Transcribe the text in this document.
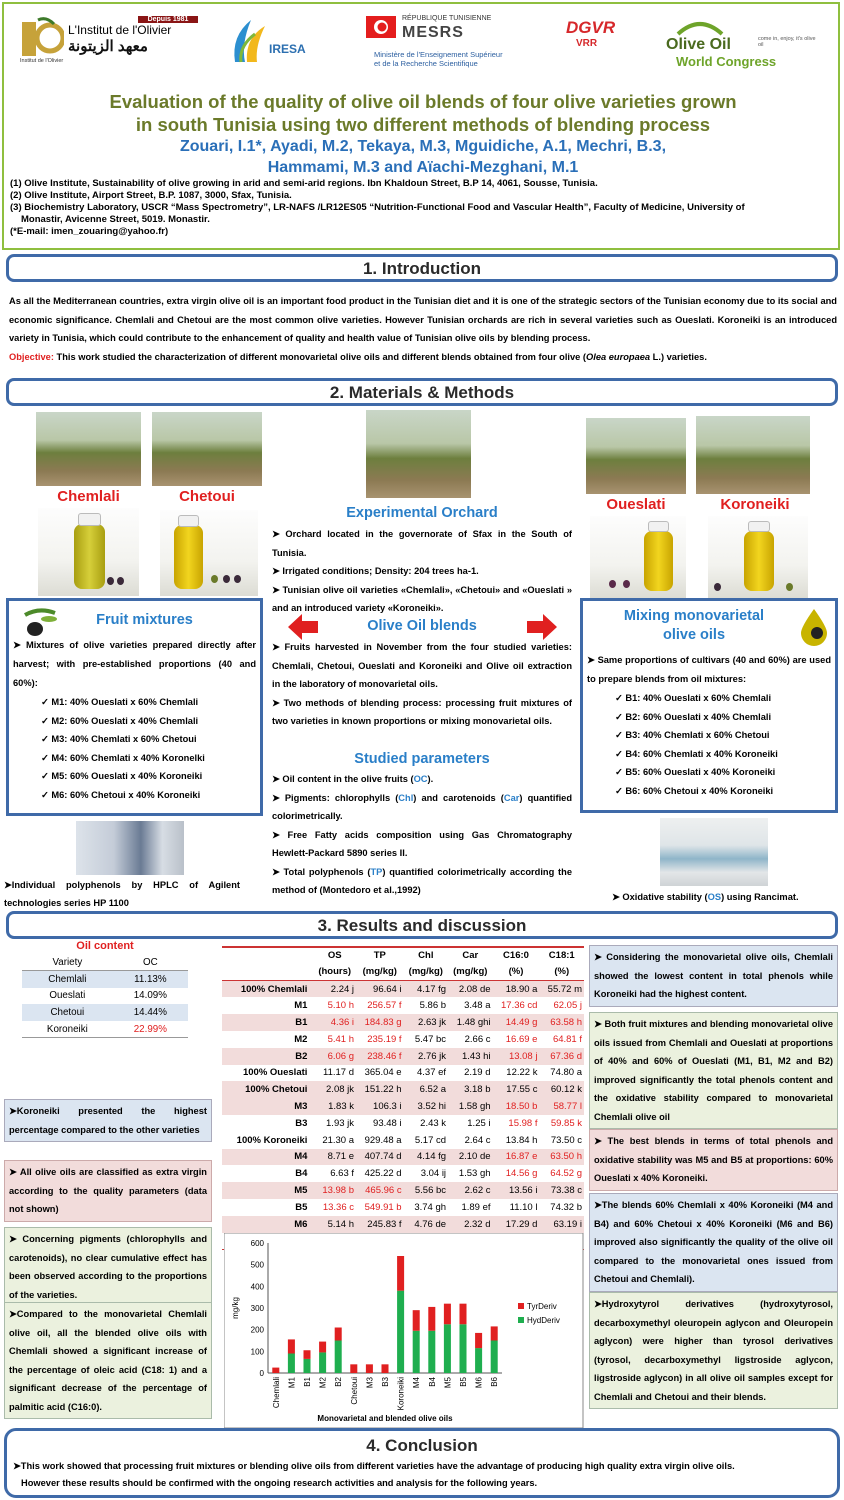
Depuis 1981
L'Institut de l'Olivier
معهد الزيتونة
Institut de l'Olivier
IRESA
RÉPUBLIQUE TUNISIENNE
MESRS
Ministère de l'Enseignement Supérieur
et de la Recherche Scientifique
DGVR
VRR	Olive Oil	come in, enjoy, it's olive oil
World Congress
Evaluation of the quality of olive oil blends of four olive varieties grown
in south Tunisia using two different methods of blending process
Zouari, I.1*, Ayadi, M.2, Tekaya, M.3, Mguidiche, A.1, Mechri, B.3,
Hammami, M.3 and Aïachi-Mezghani, M.1
(1) Olive Institute, Sustainability of olive growing in arid and semi-arid regions. Ibn Khaldoun Street, B.P 14, 4061, Sousse, Tunisia.
(2) Olive Institute, Airport Street, B.P. 1087, 3000, Sfax, Tunisia.
(3) Biochemistry Laboratory, USCR “Mass Spectrometry”, LR-NAFS /LR12ES05 “Nutrition-Functional Food and Vascular Health”, Faculty of Medicine, University of
Monastir, Avicenne Street, 5019. Monastir.
(*E-mail: imen_zouaring@yahoo.fr)
1. Introduction
As all the Mediterranean countries, extra virgin olive oil is an important food product in the Tunisian diet and it is one of the strategic sectors of the Tunisian economy due to its social and economic significance. Chemlali and Chetoui are the most common olive varieties. However Tunisian orchards are rich in several varieties such as Oueslati. Koroneiki is an introduced variety in Tunisia, which could contribute to the enhancement of quality and health value of Tunisian olive oils by blending process.
Objective: This work studied the characterization of different monovarietal olive oils and different blends obtained from four olive (Olea europaea L.) varieties.
2. Materials & Methods
Chemlali	Chetoui	Oueslati	Koroneiki
Experimental Orchard
➤ Orchard located in the governorate of Sfax in the South of Tunisia.
➤ Irrigated conditions; Density: 204 trees ha-1.
➤ Tunisian olive oil varieties «Chemlali», «Chetoui» and «Oueslati » and an introduced variety «Koroneiki».
Olive Oil blends
➤ Fruits harvested in November from the four studied varieties: Chemlali, Chetoui, Oueslati and Koroneiki and Olive oil extraction in the laboratory of monovarietal oils.
➤ Two methods of blending process: processing fruit mixtures of two varieties in known proportions or mixing monovarietal oils.
Studied parameters
➤ Oil content in the olive fruits (OC).
➤ Pigments: chlorophylls (Chl) and carotenoids (Car) quantified colorimetrically.
➤ Free Fatty acids composition using Gas Chromatography Hewlett-Packard 5890 series II.
➤ Total polyphenols (TP) quantified colorimetrically according the method of (Montedoro et al.,1992)
Fruit mixtures
➤ Mixtures of olive varieties prepared directly after harvest; with pre-established proportions (40 and 60%):
✓ M1: 40% Oueslati x 60% Chemlali
✓ M2: 60% Oueslati x 40% Chemlali
✓ M3: 40% Chemlati x 60% Chetoui
✓ M4: 60% Chemlati x 40% Koronelki
✓ M5: 60% Oueslati x 40% Koroneiki
✓ M6: 60% Chetoui x 40% Koroneiki
Mixing monovarietal
olive oils
➤ Same proportions of cultivars (40 and 60%) are used to prepare blends from oil mixtures:
✓ B1: 40% Oueslati x 60% Chemlali
✓ B2: 60% Oueslati x 40% Chemlali
✓ B3: 40% Chemlati x 60% Chetoui
✓ B4: 60% Chemlati x 40% Koroneiki
✓ B5: 60% Oueslati x 40% Koroneiki
✓ B6: 60% Chetoui x 40% Koroneiki
➤Individual polyphenols by HPLC of Agilent technologies series HP 1100
➤ Oxidative stability (OS) using Rancimat.
3. Results and discussion
Oil content
Variety	OC
Chemlali	11.13%
Oueslati	14.09%
Chetoui	14.44%
Koroneiki	22.99%
➤Koroneiki presented the highest percentage compared to the other varieties
➤ All olive oils are classified as extra virgin according to the quality parameters (data not shown)
➤ Concerning pigments (chlorophylls and carotenoids), no clear cumulative effect has been observed according to the proportions of the varieties.
➤Compared to the monovarietal Chemlali olive oil, all the blended olive oils with Chemlali showed a significant increase of the percentage of oleic acid (C18: 1) and a significant decrease of the percentage of palmitic acid (C16:0).
	OS	TP	Chl	Car	C16:0	C18:1
	(hours)	(mg/kg)	(mg/kg)	(mg/kg)	(%)	(%)
100% Chemlali	2.24 j	96.64 i	4.17 fg	2.08 de	18.90 a	55.72 m
M1	5.10 h	256.57 f	5.86 b	3.48 a	17.36 cd	62.05 j
B1	4.36 i	184.83 g	2.63 jk	1.48 ghi	14.49 g	63.58 h
M2	5.41 h	235.19 f	5.47 bc	2.66 c	16.69 e	64.81 f
B2	6.06 g	238.46 f	2.76 jk	1.43 hi	13.08 j	67.36 d
100% Oueslati	11.17 d	365.04 e	4.37 ef	2.19 d	12.22 k	74.80 a
100% Chetoui	2.08 jk	151.22 h	6.52 a	3.18 b	17.55 c	60.12 k
M3	1.83 k	106.3 i	3.52 hi	1.58 gh	18.50 b	58.77 l
B3	1.93 jk	93.48 i	2.43 k	1.25 i	15.98 f	59.85 k
100% Koroneiki	21.30 a	929.48 a	5.17 cd	2.64 c	13.84 h	73.50 c
M4	8.71 e	407.74 d	4.14 fg	2.10 de	16.87 e	63.50 h
B4	6.63 f	425.22 d	3.04 ij	1.53 gh	14.56 g	64.52 g
M5	13.98 b	465.96 c	5.56 bc	2.62 c	13.56 i	73.38 c
B5	13.36 c	549.91 b	3.74 gh	1.89 ef	11.10 l	74.32 b
M6	5.14 h	245.83 f	4.76 de	2.32 d	17.29 d	63.19 i

0
100
200
300
400
500
600
mg/kg
Chemlali M1 B1 M2 B2 Chetoui M3 B3 Koroneiki M4 B4 M5 B5 M6 B6
Monovarietal and blended olive oils
TyrDeriv
HydDeriv
➤ Considering the monovarietal olive oils, Chemlali showed the lowest content in total phenols while Koroneiki had the highest content.
➤ Both fruit mixtures and blending monovarietal olive oils issued from Chemlali and Oueslati at proportions of 40% and 60% of Oueslati (M1, B1, M2 and B2) improved significantly the total phenols content and the oxidative stability compared to monovarietal Chemlali olive oil
➤ The best blends in terms of total phenols and oxidative stability was M5 and B5 at proportions: 60% Oueslati x 40% Koroneiki.
➤The blends 60% Chemlali x 40% Koroneiki (M4 and B4) and 60% Chetoui x 40% Koroneiki (M6 and B6) improved also significantly the quality of the olive oil compared to the monovarietal ones issued from Chetoui and Chemlali).
➤Hydroxytyrol derivatives (hydroxytyrosol, decarboxymethyl oleuropein aglycon and Oleuropein aglycon) were higher than tyrosol derivatives (tyrosol, decarboxymethyl ligstroside aglycon, ligstroside aglycon) in all olive oil samples except for Chemlali and Chetoui and their blends.
4. Conclusion
➤This work showed that processing fruit mixtures or blending olive oils from different varieties have the advantage of producing high quality extra virgin olive oils.
However these results should be confirmed with the ongoing research activities and analysis for the following years.
